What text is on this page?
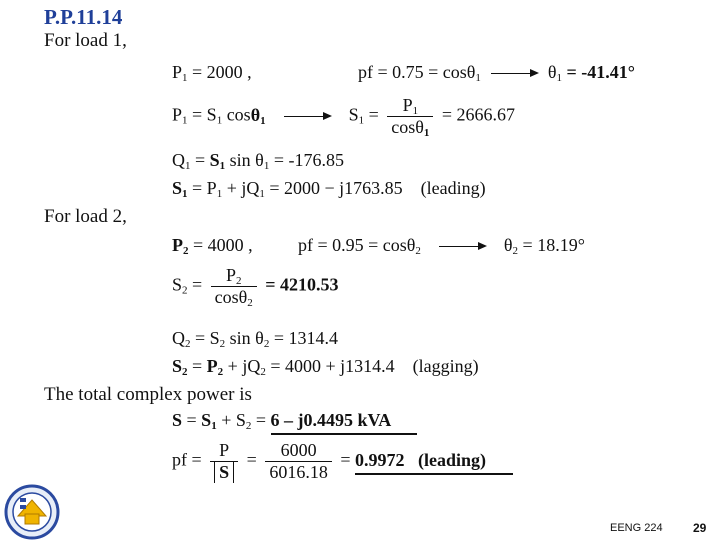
P.P.11.14
For load 1,
$P_1 = 2000$ ,	pf = 0.75 = cosθ$_1$	$\theta_1 = -41.41^\circ$
$P_1 = S_1$ cosθ$_1$	$S_1 = \frac{P_1}{\cos\theta_1} = 2666.67$
$Q_1 = S_1$ $\sin \theta_1 = -176.85$
$S_1 = P_1 + jQ_1 = 2000 - j1763.85$ (leading)
For load 2,
$P_2 = 4000$ ,	pf = 0.95 = cosθ$_2$	$\theta_2 = 18.19^\circ$
$S_2 = \frac{P_2}{\cos\theta_2} = 4210.53$
$Q_2 = S_2$ $\sin \theta_2 = 1314.4$
$S_2 = P_2 + jQ_2 = 4000 + j1314.4$ (lagging)
The total complex power is
$S = S_1 + S_2 = 6 - j0.4495$ kVA
pf = $\frac{P}{S} = \frac{6000}{6016.18} = 0.9972$ (leading)
EENG 224	29
